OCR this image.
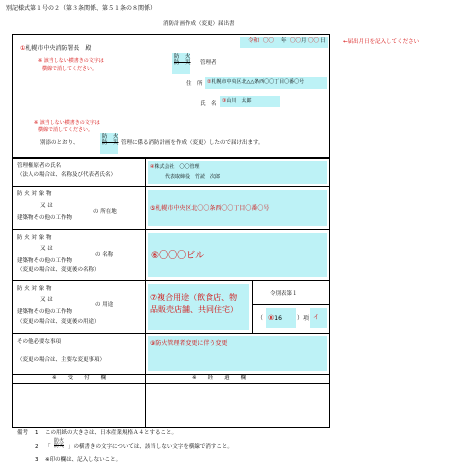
別記様式第１号の２（第３条関係、第５１条の８関係）
消防計画作成（変更）届出書
令和 〇〇 年 〇〇 月 〇〇 日	←届出月日を記入してください
①札幌市中央消防署長　殿
※ 該当しない横書きの文字は
横線で消してください。
防　火
防　災 管理者
住　所 ②札幌市中央区北△△条西〇〇丁目〇番〇号
氏　名 ③山川　太郎
※ 該当しない横書きの文字は
横線で消してください。
別添のとおり、
防　火
防　災 管理に係る消防計画を作成（変更）したので届け出ます。
管理権原者の氏名
（法人の場合は、名称及び代表者氏名）
④株式会社　〇〇管理
代表取締役　竹読　次郎
防 火 対 象 物
又 は
の 所在地
建築物その他の工作物
⑤札幌市中央区北〇〇条西〇〇丁目〇番〇号
防 火 対 象 物
又 は
の 名称
建築物その他の工作物
（変更の場合は、変更後の名称）
⑥〇〇〇ビル
防 火 対 象 物
又 は
の 用途
建築物その他の工作物
（変更の場合は、変更後の用途）
⑦複合用途（飲食店、物
品販売店舗、共同住宅）
令別表第１
（ ⑧16	）項 イ
その他必要な事項
（変更の場合は、主要な変更事項）
⑨防火管理者変更に伴う変更
※　　受　　付　　欄	※　　経　　過　　欄
備考 1 この用紙の大きさは、日本産業規格Ａ４とすること。
2 「
防火
防災 」の横書きの文字については、該当しない文字を横線で消すこと。
3 ※印の欄は、記入しないこと。
